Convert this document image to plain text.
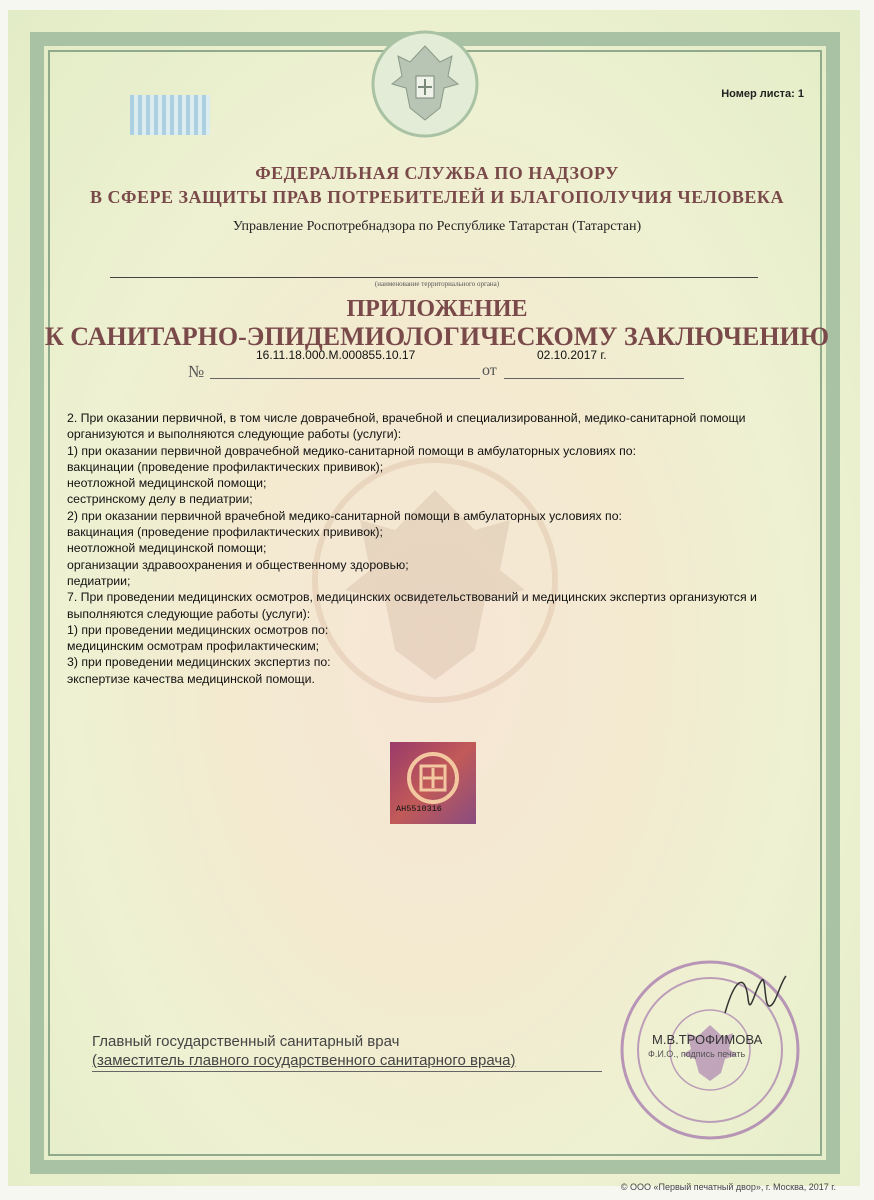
Номер листа: 1
ФЕДЕРАЛЬНАЯ СЛУЖБА ПО НАДЗОРУ
В СФЕРЕ ЗАЩИТЫ ПРАВ ПОТРЕБИТЕЛЕЙ И БЛАГОПОЛУЧИЯ ЧЕЛОВЕКА
Управление Роспотребнадзора по Республике Татарстан (Татарстан)
(наименование территориального органа)
ПРИЛОЖЕНИЕ
К САНИТАРНО-ЭПИДЕМИОЛОГИЧЕСКОМУ ЗАКЛЮЧЕНИЮ
№
16.11.18.000.М.000855.10.17
от
02.10.2017 г.

2. При оказании первичной, в том числе доврачебной, врачебной и специализированной, медико-санитарной помощи

организуются и выполняются следующие работы (услуги):

1) при оказании первичной доврачебной медико-санитарной помощи в амбулаторных условиях по:

вакцинации (проведение профилактических прививок);

неотложной медицинской помощи;

сестринскому делу в педиатрии;

2) при оказании первичной врачебной медико-санитарной помощи в амбулаторных условиях по:

вакцинация (проведение профилактических прививок);

неотложной медицинской помощи;

организации здравоохранения и общественному здоровью;

педиатрии;

7. При проведении медицинских осмотров, медицинских освидетельствований и медицинских экспертиз организуются и

выполняются следующие работы (услуги):

1) при проведении медицинских осмотров по:

медицинским осмотрам профилактическим;

3) при проведении медицинских экспертиз по:

экспертизе качества медицинской помощи.

АН5510316
Главный государственный санитарный врач
(заместитель главного государственного санитарного врача)
М.В.ТРОФИМОВА
Ф.И.О., подпись печать
© ООО «Первый печатный двор», г. Москва, 2017 г.
